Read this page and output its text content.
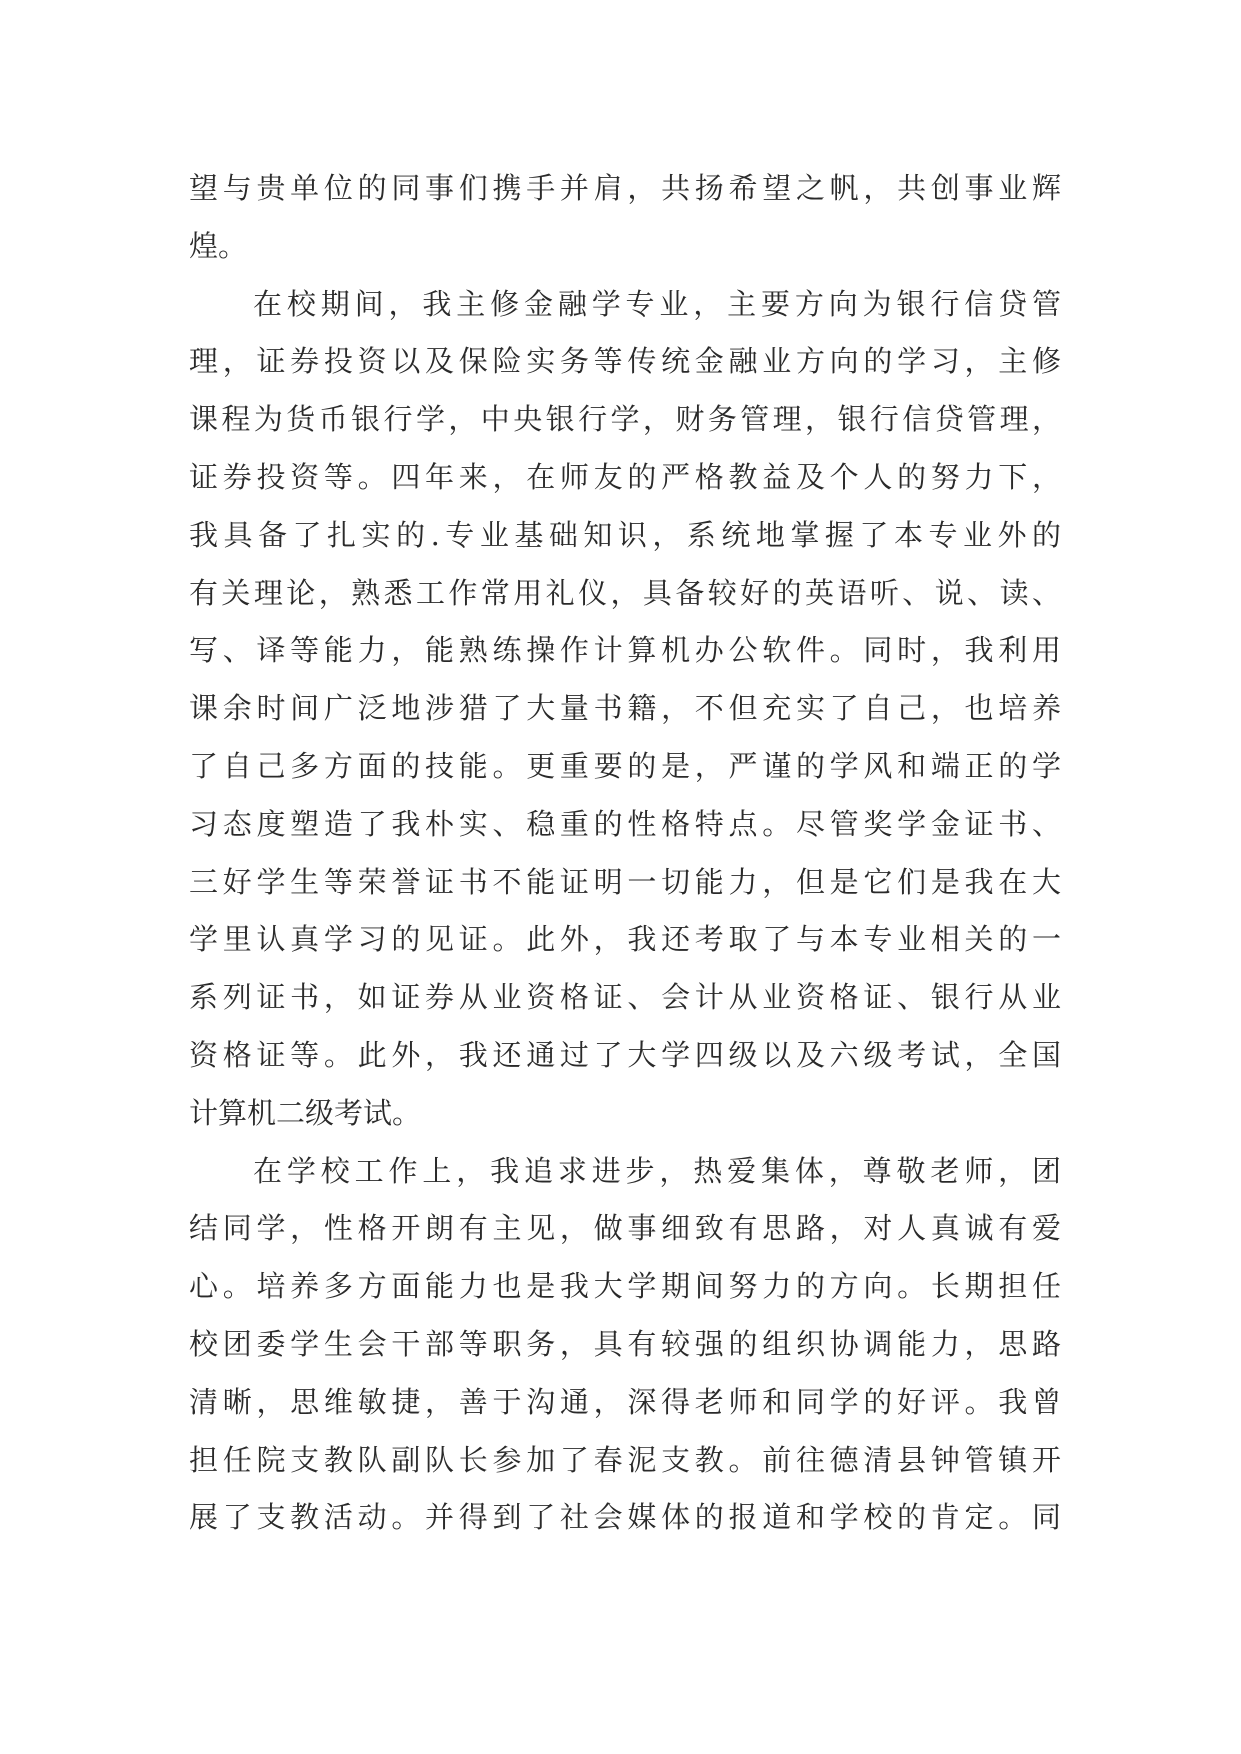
望与贵单位的同事们携手并肩，共扬希望之帆，共创事业辉
煌。
在校期间，我主修金融学专业，主要方向为银行信贷管
理，证券投资以及保险实务等传统金融业方向的学习，主修
课程为货币银行学，中央银行学，财务管理，银行信贷管理，
证券投资等。四年来，在师友的严格教益及个人的努力下，
我具备了扎实的.专业基础知识，系统地掌握了本专业外的
有关理论，熟悉工作常用礼仪，具备较好的英语听、说、读、
写、译等能力，能熟练操作计算机办公软件。同时，我利用
课余时间广泛地涉猎了大量书籍，不但充实了自己，也培养
了自己多方面的技能。更重要的是，严谨的学风和端正的学
习态度塑造了我朴实、稳重的性格特点。尽管奖学金证书、
三好学生等荣誉证书不能证明一切能力，但是它们是我在大
学里认真学习的见证。此外，我还考取了与本专业相关的一
系列证书，如证券从业资格证、会计从业资格证、银行从业
资格证等。此外，我还通过了大学四级以及六级考试，全国
计算机二级考试。
在学校工作上，我追求进步，热爱集体，尊敬老师，团
结同学，性格开朗有主见，做事细致有思路，对人真诚有爱
心。培养多方面能力也是我大学期间努力的方向。长期担任
校团委学生会干部等职务，具有较强的组织协调能力，思路
清晰，思维敏捷，善于沟通，深得老师和同学的好评。我曾
担任院支教队副队长参加了春泥支教。前往德清县钟管镇开
展了支教活动。并得到了社会媒体的报道和学校的肯定。同
